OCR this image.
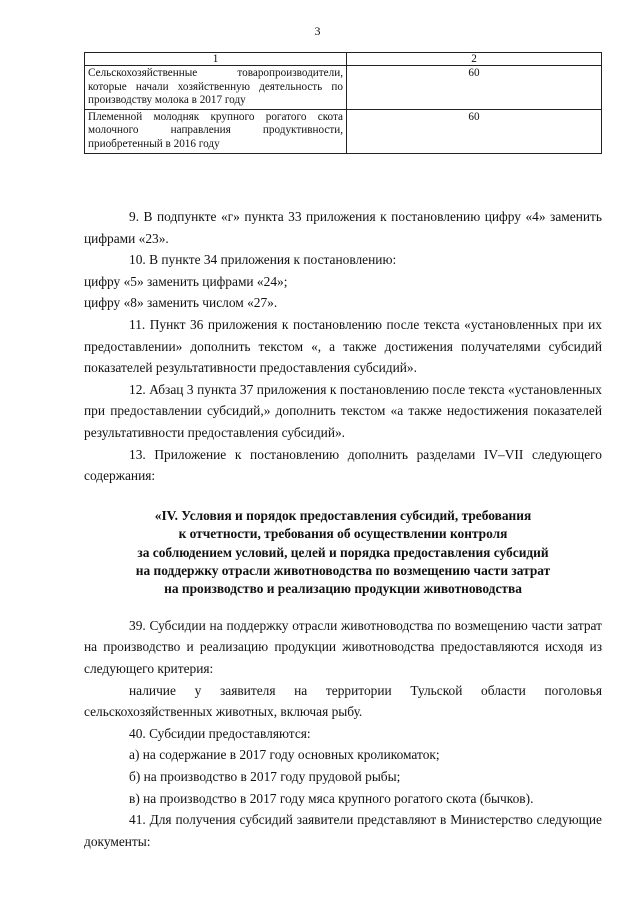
3
1	2
Сельскохозяйственные товаропроизводители, которые начали хозяйственную деятельность по производству молока в 2017 году	60
Племенной молодняк крупного рогатого скота молочного направления продуктивности, приобретенный в 2016 году	60

9. В подпункте «г» пункта 33 приложения к постановлению цифру «4» заменить цифрами «23».

10. В пункте 34 приложения к постановлению:

цифру «5» заменить цифрами «24»;

цифру «8» заменить числом «27».

11. Пункт 36 приложения к постановлению после текста «установленных при их предоставлении» дополнить текстом «, а также достижения получателями субсидий показателей результативности предоставления субсидий».

12. Абзац 3 пункта 37 приложения к постановлению после текста «установленных при предоставлении субсидий,» дополнить текстом «а также недостижения показателей результативности предоставления субсидий».

13. Приложение к постановлению дополнить разделами IV–VII следующего содержания:

«IV. Условия и порядок предоставления субсидий, требования
к отчетности, требования об осуществлении контроля
за соблюдением условий, целей и порядка предоставления субсидий
на поддержку отрасли животноводства по возмещению части затрат
на производство и реализацию продукции животноводства

39. Субсидии на поддержку отрасли животноводства по возмещению части затрат на производство и реализацию продукции животноводства предоставляются исходя из следующего критерия:

наличие у заявителя на территории Тульской области поголовья сельскохозяйственных животных, включая рыбу.

40. Субсидии предоставляются:

а) на содержание в 2017 году основных кроликоматок;

б) на производство в 2017 году прудовой рыбы;

в) на производство в 2017 году мяса крупного рогатого скота (бычков).

41. Для получения субсидий заявители представляют в Министерство следующие документы:
